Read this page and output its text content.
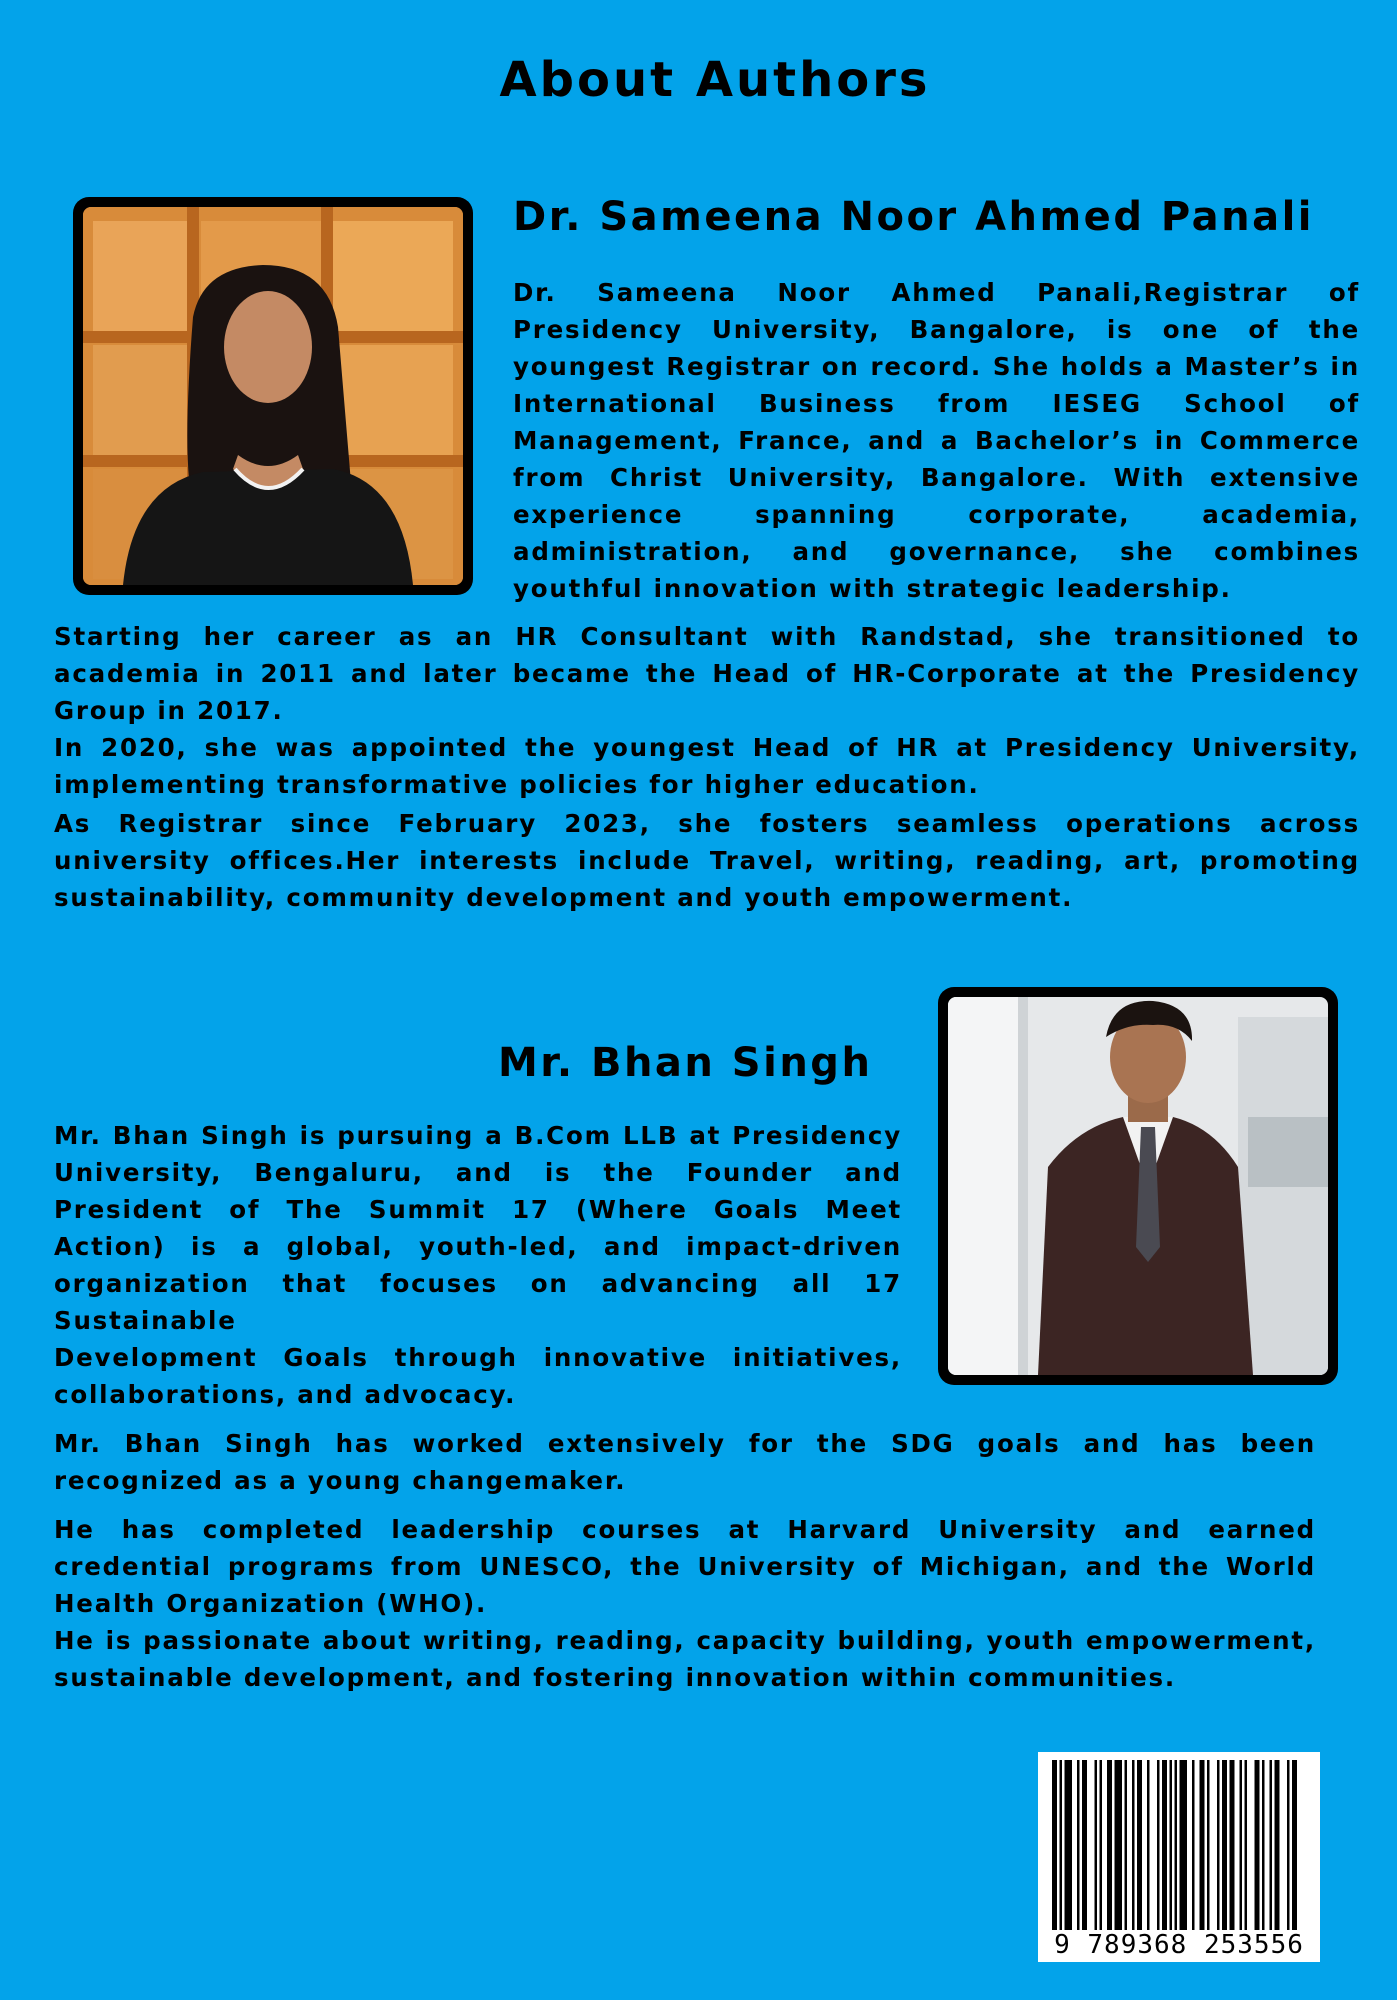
About Authors
Dr. Sameena Noor Ahmed Panali

Dr. Sameena Noor Ahmed Panali,Registrar of Presidency University, Bangalore, is one of the youngest Registrar on record. She holds a Master’s in International Business from IESEG School of Management, France, and a Bachelor’s in Commerce from Christ University, Bangalore. With extensive experience spanning corporate, academia, administration, and governance, she combines youthful innovation with strategic leadership.

Starting her career as an HR Consultant with Randstad, she transitioned to academia in 2011 and later became the Head of HR-Corporate at the Presidency Group in 2017.

In 2020, she was appointed the youngest Head of HR at Presidency University, implementing transformative policies for higher education.

As Registrar since February 2023, she fosters seamless operations across university offices.Her interests include Travel, writing, reading, art, promoting sustainability, community development and youth empowerment.

Mr. Bhan Singh

Mr. Bhan Singh is pursuing a B.Com LLB at Presidency University, Bengaluru, and is the Founder and President of The Summit 17 (Where Goals Meet Action) is a global, youth-led, and impact-driven organization that focuses on advancing all 17 Sustainable

Development Goals through innovative initiatives, collaborations, and advocacy.

Mr. Bhan Singh has worked extensively for the SDG goals and has been recognized as a young changemaker.

He has completed leadership courses at Harvard University and earned credential programs from UNESCO, the University of Michigan, and the World Health Organization (WHO).

He is passionate about writing, reading, capacity building, youth empowerment, sustainable development, and fostering innovation within communities.

9 789368 253556
